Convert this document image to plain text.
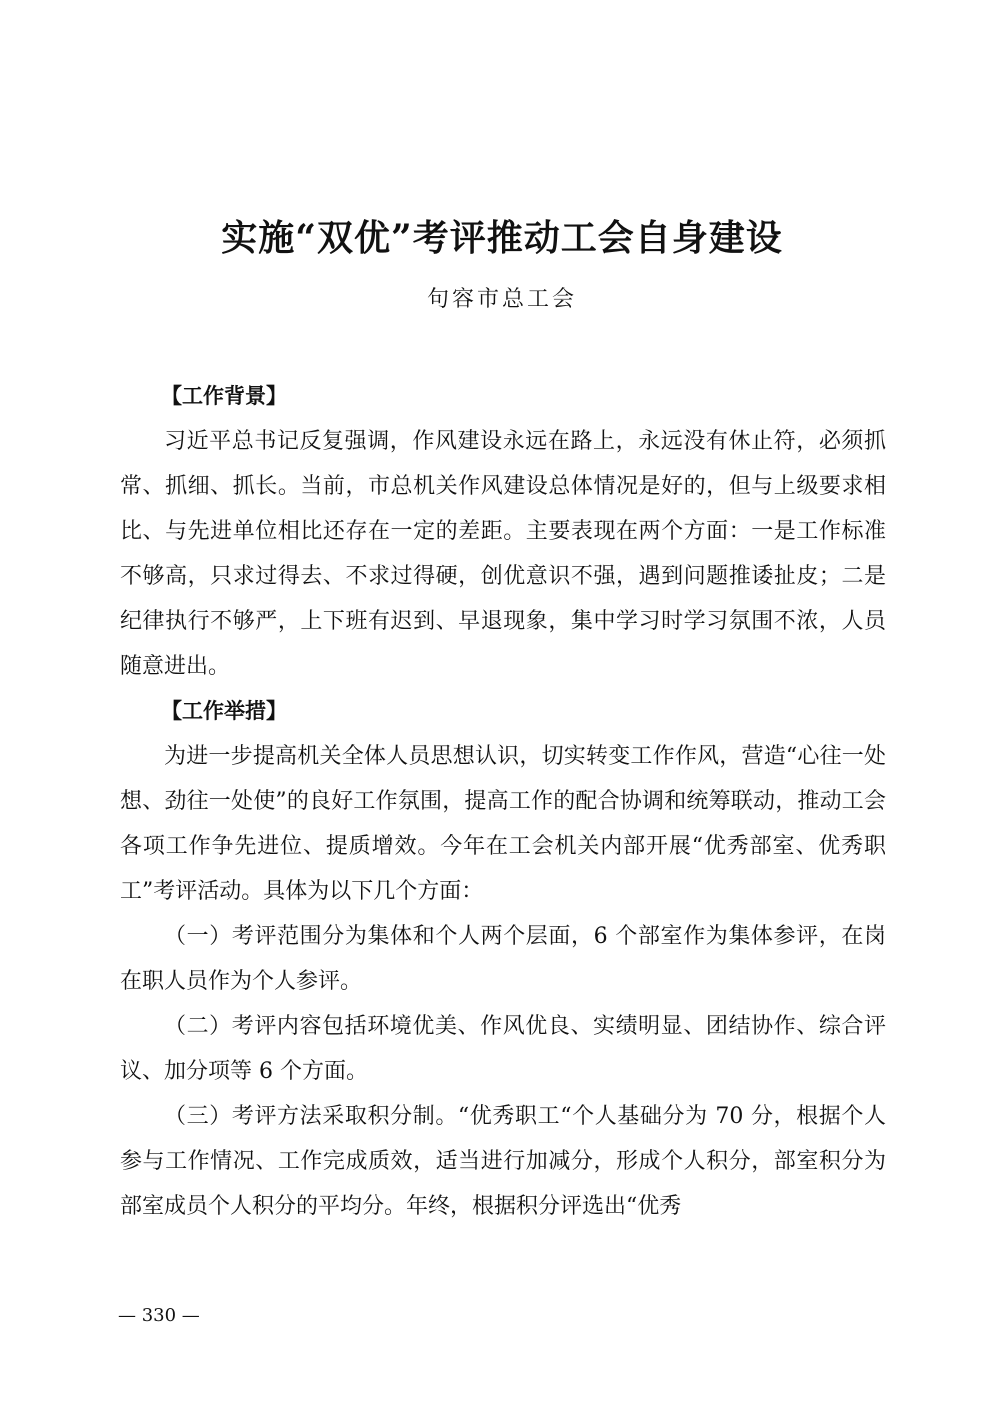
实施“双优”考评推动工会自身建设

句容市总工会

【工作背景】

习近平总书记反复强调，作风建设永远在路上，永远没有休止符，必须抓常、抓细、抓长。当前，市总机关作风建设总体情况是好的，但与上级要求相比、与先进单位相比还存在一定的差距。主要表现在两个方面：一是工作标准不够高，只求过得去、不求过得硬，创优意识不强，遇到问题推诿扯皮；二是纪律执行不够严，上下班有迟到、早退现象，集中学习时学习氛围不浓，人员随意进出。

【工作举措】

为进一步提高机关全体人员思想认识，切实转变工作作风，营造“心往一处想、劲往一处使”的良好工作氛围，提高工作的配合协调和统筹联动，推动工会各项工作争先进位、提质增效。今年在工会机关内部开展“优秀部室、优秀职工”考评活动。具体为以下几个方面：

（一）考评范围分为集体和个人两个层面，6 个部室作为集体参评，在岗在职人员作为个人参评。

（二）考评内容包括环境优美、作风优良、实绩明显、团结协作、综合评议、加分项等 6 个方面。

（三）考评方法采取积分制。“优秀职工“个人基础分为 70 分，根据个人参与工作情况、工作完成质效，适当进行加减分，形成个人积分，部室积分为部室成员个人积分的平均分。年终，根据积分评选出“优秀

— 330 —
